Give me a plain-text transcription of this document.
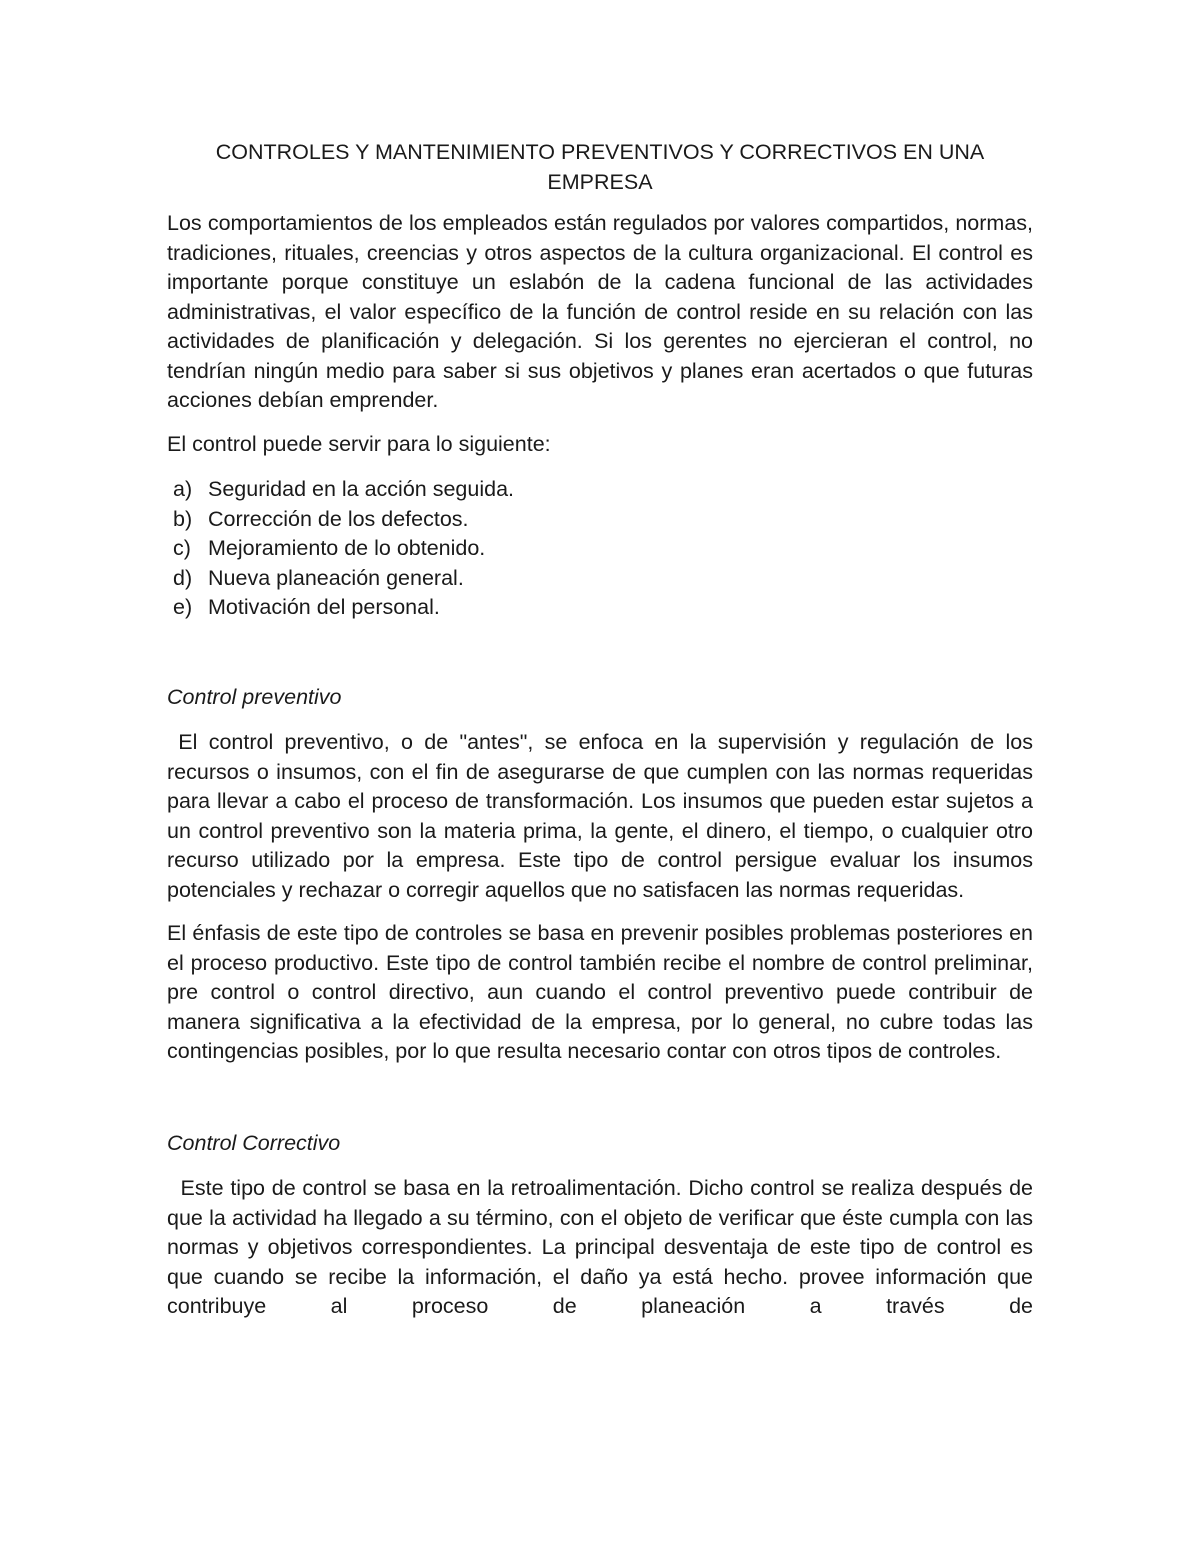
CONTROLES Y MANTENIMIENTO PREVENTIVOS Y CORRECTIVOS EN UNA EMPRESA

Los comportamientos de los empleados están regulados por valores compartidos, normas, tradiciones, rituales, creencias y otros aspectos de la cultura organizacional. El control es importante porque constituye un eslabón de la cadena funcional de las actividades administrativas, el valor específico de la función de control reside en su relación con las actividades de planificación y delegación. Si los gerentes no ejercieran el control, no tendrían ningún medio para saber si sus objetivos y planes eran acertados o que futuras acciones debían emprender.

El control puede servir para lo siguiente:

a) Seguridad en la acción seguida.
b) Corrección de los defectos.
c) Mejoramiento de lo obtenido.
d) Nueva planeación general.
e) Motivación del personal.

Control preventivo

El control preventivo, o de "antes", se enfoca en la supervisión y regulación de los recursos o insumos, con el fin de asegurarse de que cumplen con las normas requeridas para llevar a cabo el proceso de transformación. Los insumos que pueden estar sujetos a un control preventivo son la materia prima, la gente, el dinero, el tiempo, o cualquier otro recurso utilizado por la empresa. Este tipo de control persigue evaluar los insumos potenciales y rechazar o corregir aquellos que no satisfacen las normas requeridas.

El énfasis de este tipo de controles se basa en prevenir posibles problemas posteriores en el proceso productivo. Este tipo de control también recibe el nombre de control preliminar, pre control o control directivo, aun cuando el control preventivo puede contribuir de manera significativa a la efectividad de la empresa, por lo general, no cubre todas las contingencias posibles, por lo que resulta necesario contar con otros tipos de controles.

Control Correctivo

Este tipo de control se basa en la retroalimentación. Dicho control se realiza después de que la actividad ha llegado a su término, con el objeto de verificar que éste cumpla con las normas y objetivos correspondientes. La principal desventaja de este tipo de control es que cuando se recibe la información, el daño ya está hecho. provee información que contribuye al proceso de planeación a través de
